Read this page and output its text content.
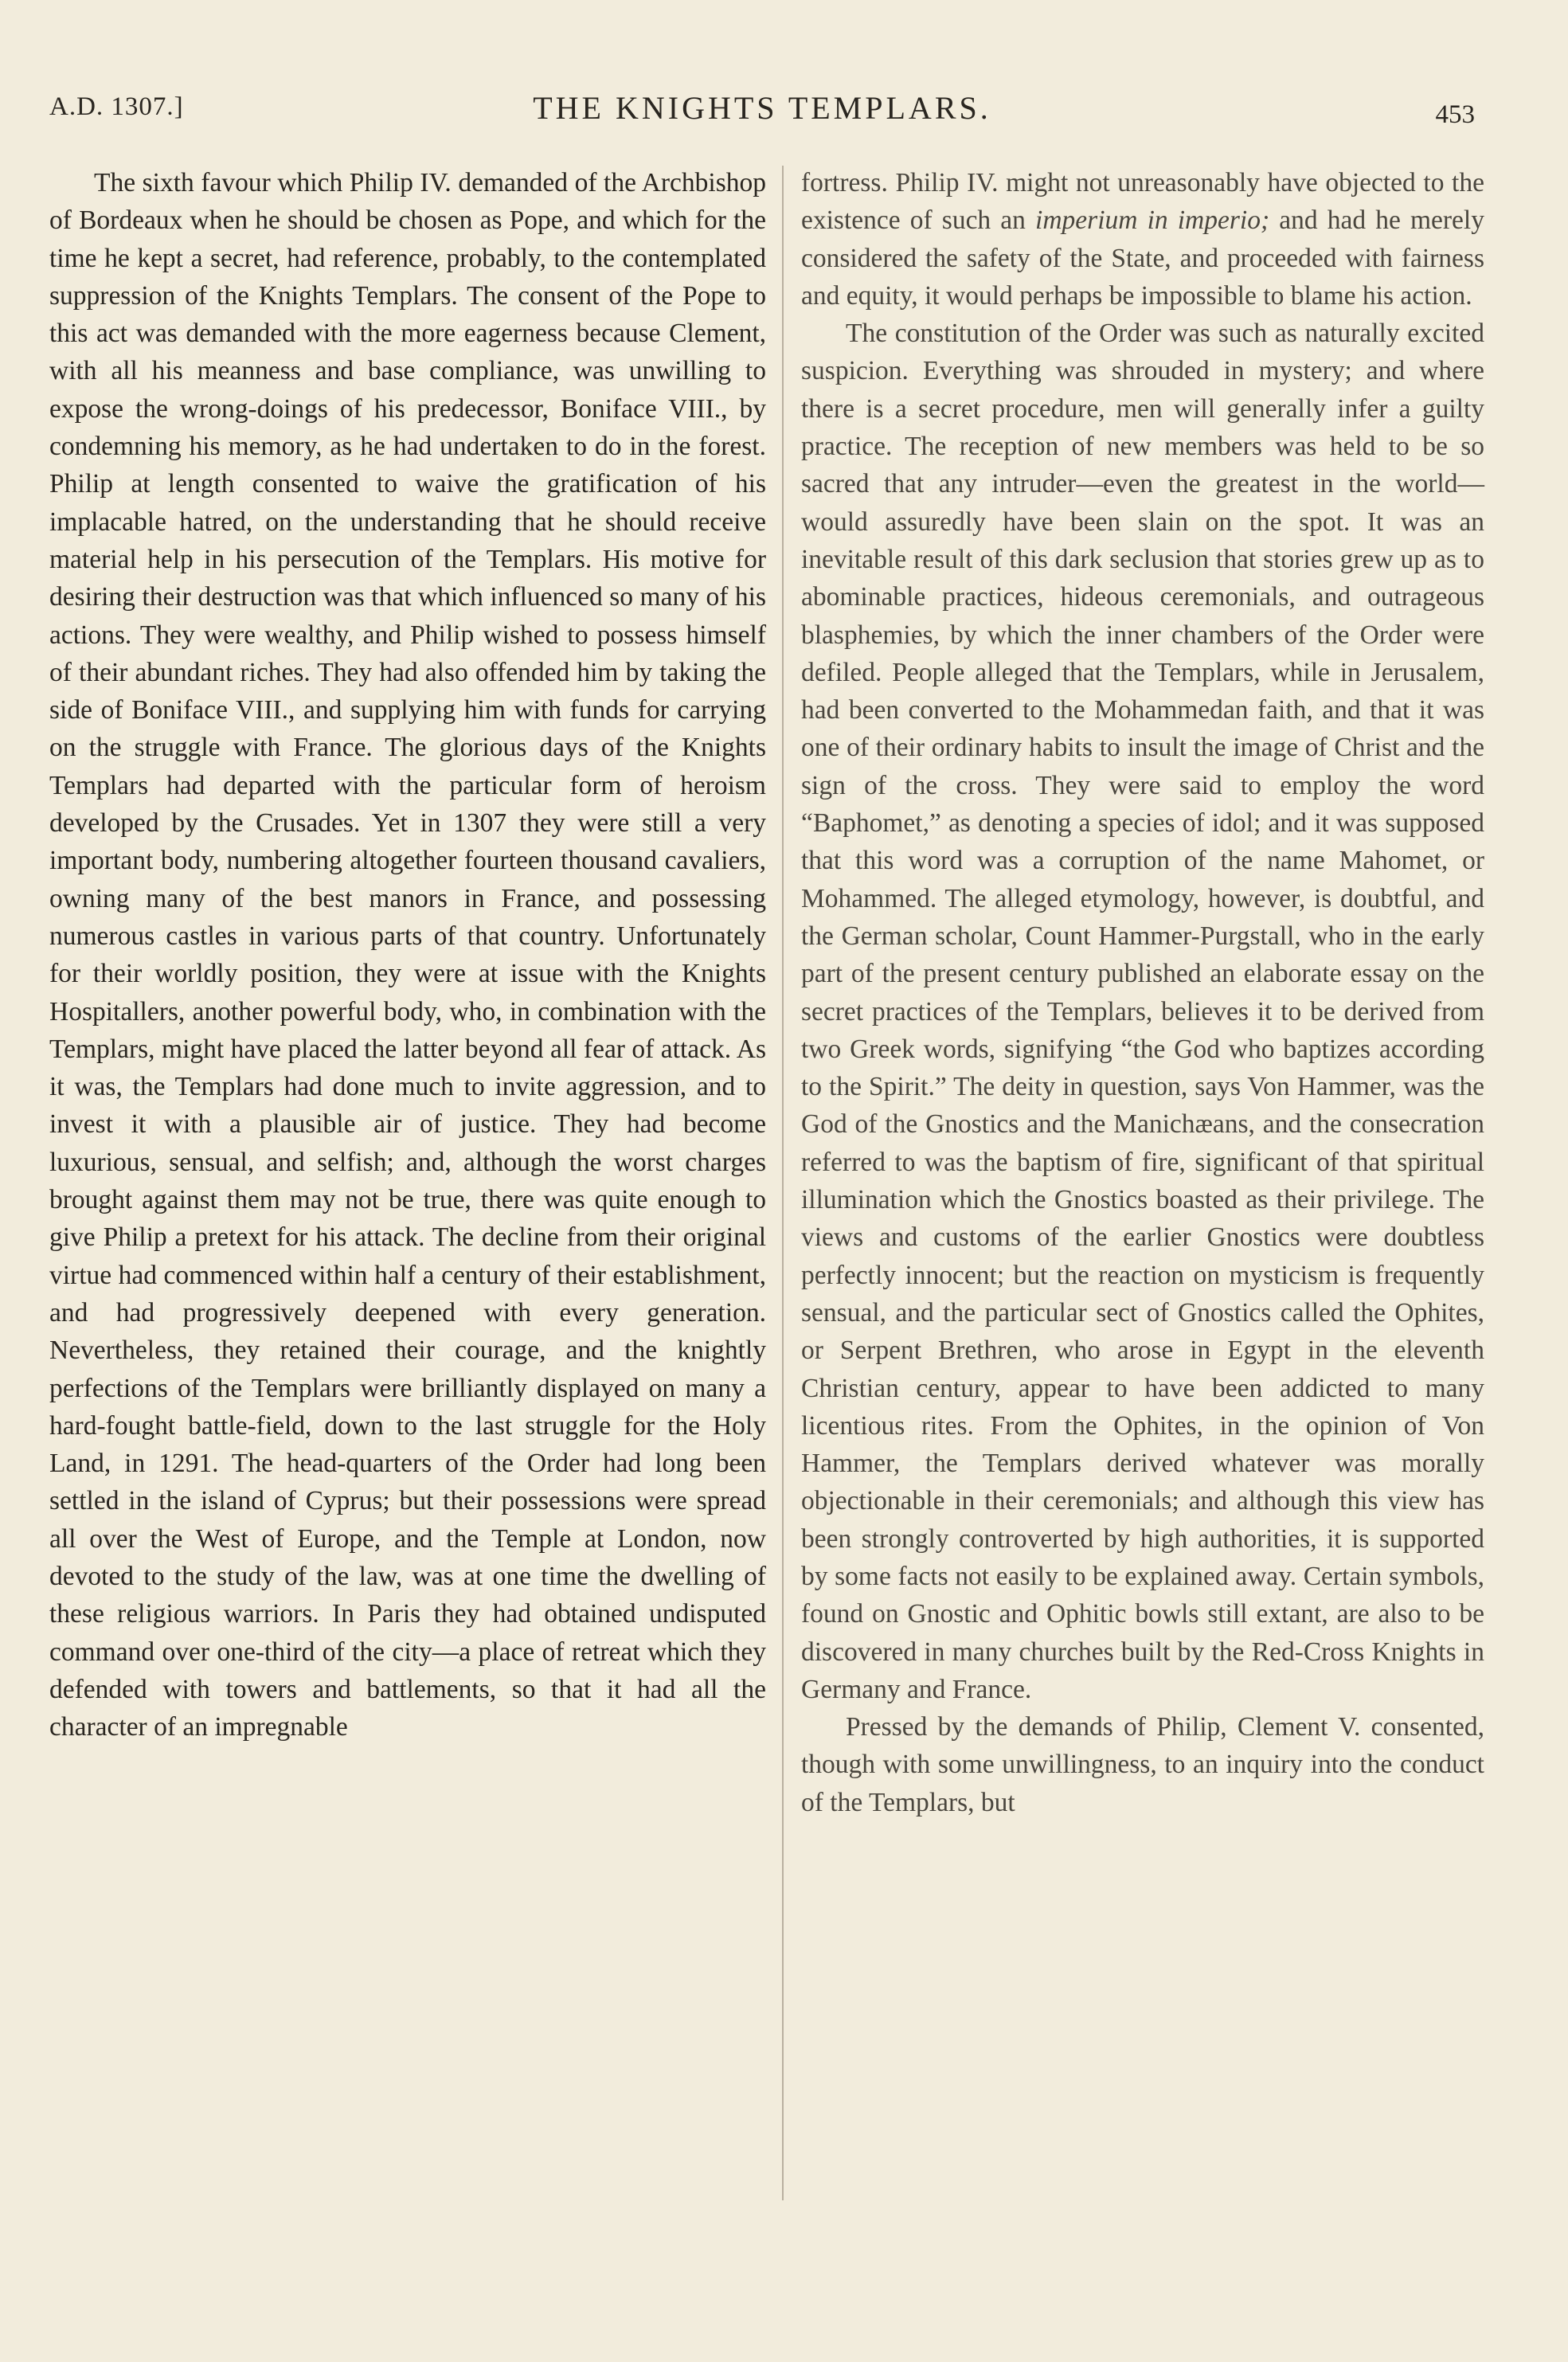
A.D. 1307.]	THE KNIGHTS TEMPLARS.	453

The sixth favour which Philip IV. demanded of the Archbishop of Bordeaux when he should be chosen as Pope, and which for the time he kept a secret, had reference, probably, to the contemplated suppression of the Knights Templars. The consent of the Pope to this act was demanded with the more eagerness because Clement, with all his meanness and base compliance, was unwilling to expose the wrong-doings of his predecessor, Boniface VIII., by condemning his memory, as he had undertaken to do in the forest. Philip at length consented to waive the gratification of his implacable hatred, on the understanding that he should receive material help in his persecution of the Templars. His motive for desiring their destruction was that which influenced so many of his actions. They were wealthy, and Philip wished to possess himself of their abundant riches. They had also offended him by taking the side of Boniface VIII., and supplying him with funds for carrying on the struggle with France. The glorious days of the Knights Templars had departed with the particular form of heroism developed by the Crusades. Yet in 1307 they were still a very important body, numbering altogether fourteen thousand cavaliers, owning many of the best manors in France, and possessing numerous castles in various parts of that country. Unfortunately for their worldly position, they were at issue with the Knights Hospitallers, another powerful body, who, in combination with the Templars, might have placed the latter beyond all fear of attack. As it was, the Templars had done much to invite aggression, and to invest it with a plausible air of justice. They had become luxurious, sensual, and selfish; and, although the worst charges brought against them may not be true, there was quite enough to give Philip a pretext for his attack. The decline from their original virtue had commenced within half a century of their establishment, and had progressively deepened with every generation. Nevertheless, they retained their courage, and the knightly perfections of the Templars were brilliantly displayed on many a hard-fought battle-field, down to the last struggle for the Holy Land, in 1291. The head-quarters of the Order had long been settled in the island of Cyprus; but their possessions were spread all over the West of Europe, and the Temple at London, now devoted to the study of the law, was at one time the dwelling of these religious warriors. In Paris they had obtained undisputed command over one-third of the city—a place of retreat which they defended with towers and battlements, so that it had all the character of an impregnable

fortress. Philip IV. might not unreasonably have objected to the existence of such an imperium in imperio; and had he merely considered the safety of the State, and proceeded with fairness and equity, it would perhaps be impossible to blame his action.

The constitution of the Order was such as naturally excited suspicion. Everything was shrouded in mystery; and where there is a secret procedure, men will generally infer a guilty practice. The reception of new members was held to be so sacred that any intruder—even the greatest in the world—would assuredly have been slain on the spot. It was an inevitable result of this dark seclusion that stories grew up as to abominable practices, hideous ceremonials, and outrageous blasphemies, by which the inner chambers of the Order were defiled. People alleged that the Templars, while in Jerusalem, had been converted to the Mohammedan faith, and that it was one of their ordinary habits to insult the image of Christ and the sign of the cross. They were said to employ the word “Baphomet,” as denoting a species of idol; and it was supposed that this word was a corruption of the name Mahomet, or Mohammed. The alleged etymology, however, is doubtful, and the German scholar, Count Hammer-Purgstall, who in the early part of the present century published an elaborate essay on the secret practices of the Templars, believes it to be derived from two Greek words, signifying “the God who baptizes according to the Spirit.” The deity in question, says Von Hammer, was the God of the Gnostics and the Manichæans, and the consecration referred to was the baptism of fire, significant of that spiritual illumination which the Gnostics boasted as their privilege. The views and customs of the earlier Gnostics were doubtless perfectly innocent; but the reaction on mysticism is frequently sensual, and the particular sect of Gnostics called the Ophites, or Serpent Brethren, who arose in Egypt in the eleventh Christian century, appear to have been addicted to many licentious rites. From the Ophites, in the opinion of Von Hammer, the Templars derived whatever was morally objectionable in their ceremonials; and although this view has been strongly controverted by high authorities, it is supported by some facts not easily to be explained away. Certain symbols, found on Gnostic and Ophitic bowls still extant, are also to be discovered in many churches built by the Red-Cross Knights in Germany and France.

Pressed by the demands of Philip, Clement V. consented, though with some unwillingness, to an inquiry into the conduct of the Templars, but
